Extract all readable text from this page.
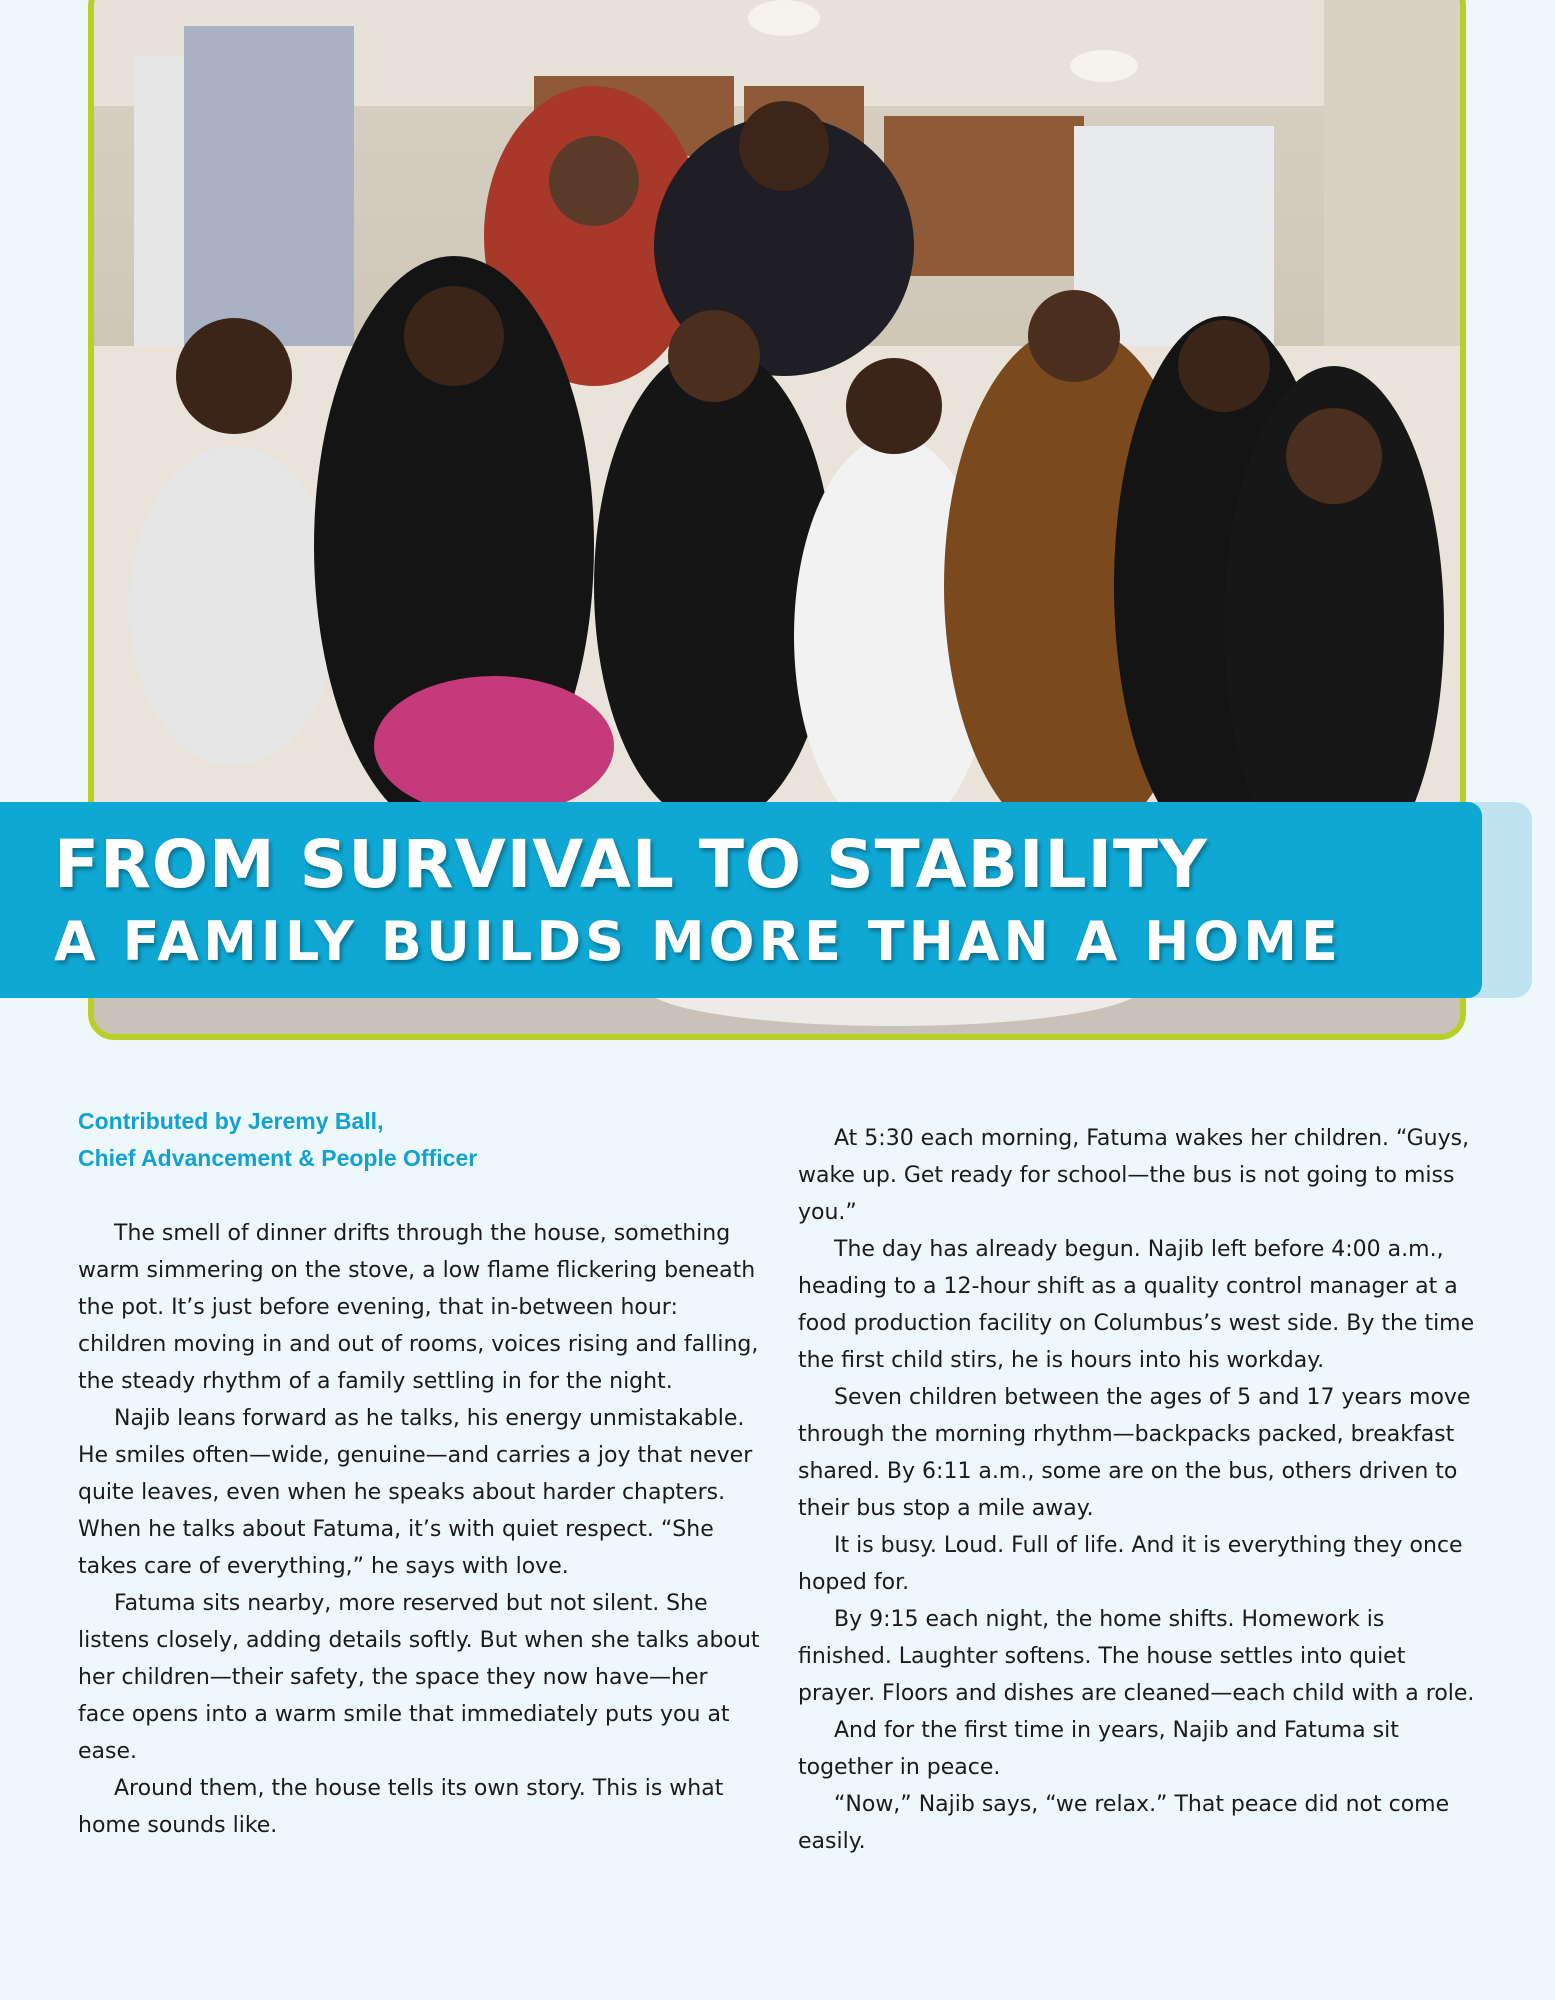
FROM SURVIVAL TO STABILITY
A FAMILY BUILDS MORE THAN A HOME
Contributed by Jeremy Ball,
Chief Advancement & People Officer

The smell of dinner drifts through the house, something warm simmering on the stove, a low flame flickering beneath the pot. It’s just before evening, that in-between hour: children moving in and out of rooms, voices rising and falling, the steady rhythm of a family settling in for the night.

Najib leans forward as he talks, his energy unmistakable. He smiles often—wide, genuine—and carries a joy that never quite leaves, even when he speaks about harder chapters. When he talks about Fatuma, it’s with quiet respect. “She takes care of everything,” he says with love.

Fatuma sits nearby, more reserved but not silent. She listens closely, adding details softly. But when she talks about her children—their safety, the space they now have—her face opens into a warm smile that immediately puts you at ease.

Around them, the house tells its own story. This is what home sounds like.

At 5:30 each morning, Fatuma wakes her children. “Guys, wake up. Get ready for school—the bus is not going to miss you.”

The day has already begun. Najib left before 4:00 a.m., heading to a 12-hour shift as a quality control manager at a food production facility on Columbus’s west side. By the time the first child stirs, he is hours into his workday.

Seven children between the ages of 5 and 17 years move through the morning rhythm—backpacks packed, breakfast shared. By 6:11 a.m., some are on the bus, others driven to their bus stop a mile away.

It is busy. Loud. Full of life. And it is everything they once hoped for.

By 9:15 each night, the home shifts. Homework is finished. Laughter softens. The house settles into quiet prayer. Floors and dishes are cleaned—each child with a role.

And for the first time in years, Najib and Fatuma sit together in peace.

“Now,” Najib says, “we relax.” That peace did not come easily.
